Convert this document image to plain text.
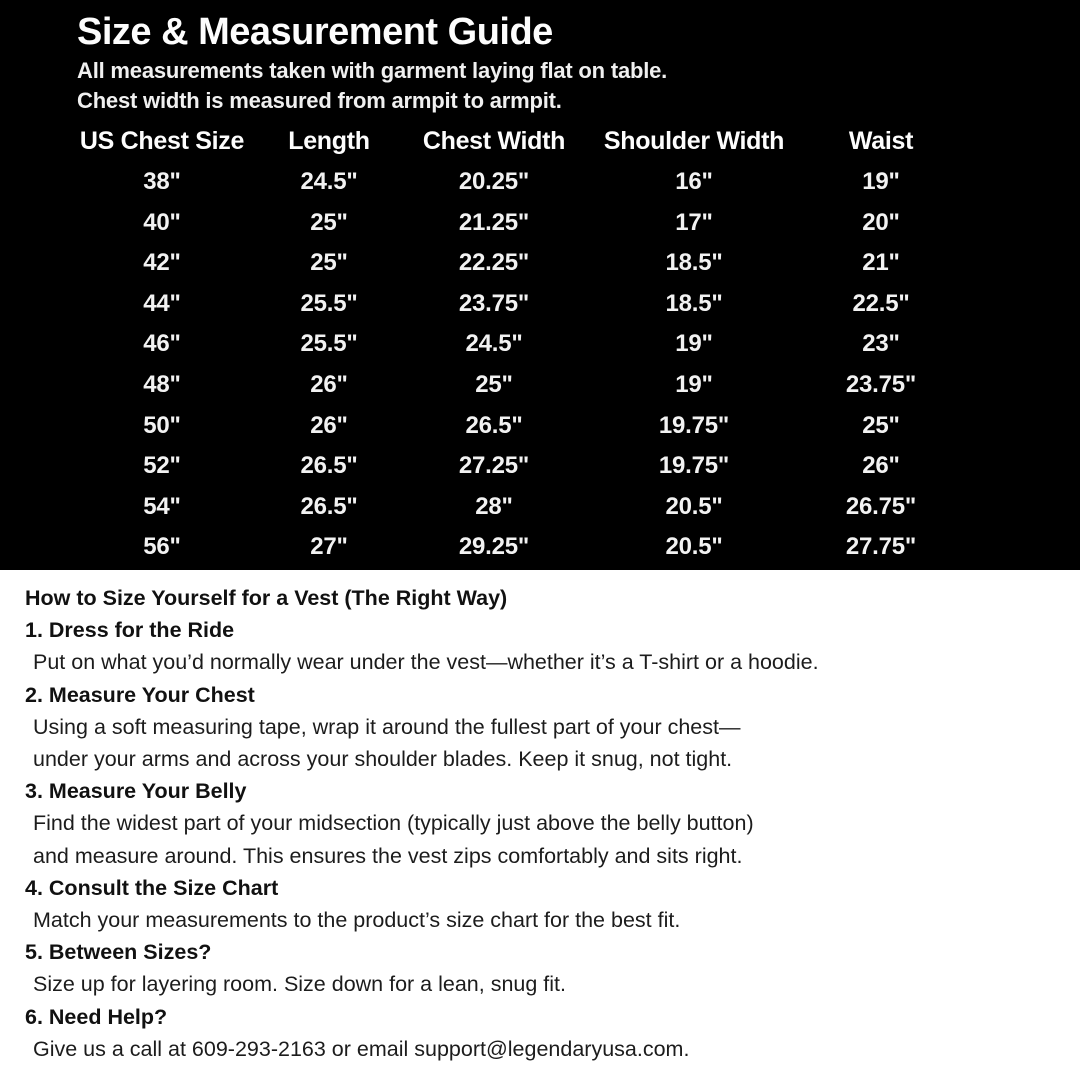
Size & Measurement Guide

All measurements taken with garment laying flat on table.

Chest width is measured from armpit to armpit.

US Chest Size	Length	Chest Width	Shoulder Width	Waist
38"	24.5"	20.25"	16"	19"
40"	25"	21.25"	17"	20"
42"	25"	22.25"	18.5"	21"
44"	25.5"	23.75"	18.5"	22.5"
46"	25.5"	24.5"	19"	23"
48"	26"	25"	19"	23.75"
50"	26"	26.5"	19.75"	25"
52"	26.5"	27.25"	19.75"	26"
54"	26.5"	28"	20.5"	26.75"
56"	27"	29.25"	20.5"	27.75"

How to Size Yourself for a Vest (The Right Way)

1. Dress for the Ride

Put on what you’d normally wear under the vest—whether it’s a T-shirt or a hoodie.

2. Measure Your Chest

Using a soft measuring tape, wrap it around the fullest part of your chest—

under your arms and across your shoulder blades. Keep it snug, not tight.

3. Measure Your Belly

Find the widest part of your midsection (typically just above the belly button)

and measure around. This ensures the vest zips comfortably and sits right.

4. Consult the Size Chart

Match your measurements to the product’s size chart for the best fit.

5. Between Sizes?

Size up for layering room. Size down for a lean, snug fit.

6. Need Help?

Give us a call at 609-293-2163 or email support@legendaryusa.com.
